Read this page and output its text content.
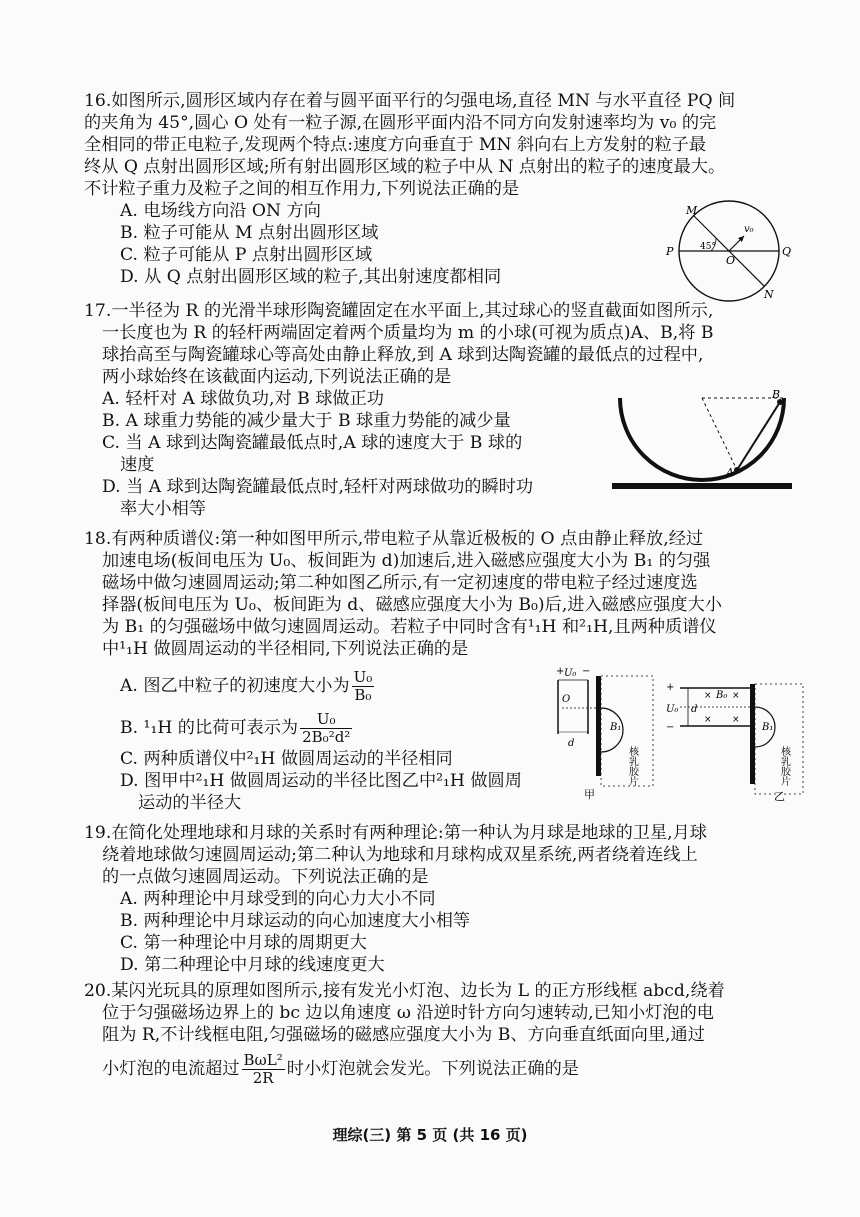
16.如图所示,圆形区域内存在着与圆平面平行的匀强电场,直径 MN 与水平直径 PQ 间

的夹角为 45°,圆心 O 处有一粒子源,在圆形平面内沿不同方向发射速率均为 v₀ 的完

全相同的带正电粒子,发现两个特点:速度方向垂直于 MN 斜向右上方发射的粒子最

终从 Q 点射出圆形区域;所有射出圆形区域的粒子中从 N 点射出的粒子的速度最大。

不计粒子重力及粒子之间的相互作用力,下列说法正确的是

A. 电场线方向沿 ON 方向

B. 粒子可能从 M 点射出圆形区域

C. 粒子可能从 P 点射出圆形区域

D. 从 Q 点射出圆形区域的粒子,其出射速度都相同

M
N
P	Q
O
v₀
45°

17.一半径为 R 的光滑半球形陶瓷罐固定在水平面上,其过球心的竖直截面如图所示,

一长度也为 R 的轻杆两端固定着两个质量均为 m 的小球(可视为质点)A、B,将 B

球抬高至与陶瓷罐球心等高处由静止释放,到 A 球到达陶瓷罐的最低点的过程中,

两小球始终在该截面内运动,下列说法正确的是

A. 轻杆对 A 球做负功,对 B 球做正功

B. A 球重力势能的减少量大于 B 球重力势能的减少量

C. 当 A 球到达陶瓷罐最低点时,A 球的速度大于 B 球的

速度

D. 当 A 球到达陶瓷罐最低点时,轻杆对两球做功的瞬时功

率大小相等

A
B

18.有两种质谱仪:第一种如图甲所示,带电粒子从靠近极板的 O 点由静止释放,经过

加速电场(板间电压为 U₀、板间距为 d)加速后,进入磁感应强度大小为 B₁ 的匀强

磁场中做匀速圆周运动;第二种如图乙所示,有一定初速度的带电粒子经过速度选

择器(板间电压为 U₀、板间距为 d、磁感应强度大小为 B₀)后,进入磁感应强度大小

为 B₁ 的匀强磁场中做匀速圆周运动。若粒子中同时含有¹₁H 和²₁H,且两种质谱仪

中¹₁H 做圆周运动的半径相同,下列说法正确的是

A. 图乙中粒子的初速度大小为 $\frac{\text{U₀}}{\text{B₀}}$

B. ¹₁H 的比荷可表示为 $\frac{\text{U₀}}{\text{2B₀²d²}}$

C. 两种质谱仪中²₁H 做圆周运动的半径相同

D. 图甲中²₁H 做圆周运动的半径比图乙中²₁H 做圆周

运动的半径大

+ U₀ −
O
d
B₁
核乳胶片
甲
+
U₀
−
d
× B₀ ×
× ×
B₁
核乳胶片
乙

19.在简化处理地球和月球的关系时有两种理论:第一种认为月球是地球的卫星,月球

绕着地球做匀速圆周运动;第二种认为地球和月球构成双星系统,两者绕着连线上

的一点做匀速圆周运动。下列说法正确的是

A. 两种理论中月球受到的向心力大小不同

B. 两种理论中月球运动的向心加速度大小相等

C. 第一种理论中月球的周期更大

D. 第二种理论中月球的线速度更大

20.某闪光玩具的原理如图所示,接有发光小灯泡、边长为 L 的正方形线框 abcd,绕着

位于匀强磁场边界上的 bc 边以角速度 ω 沿逆时针方向匀速转动,已知小灯泡的电

阻为 R,不计线框电阻,匀强磁场的磁感应强度大小为 B、方向垂直纸面向里,通过

小灯泡的电流超过 $\frac{\text{BωL²}}{2R}$ 时小灯泡就会发光。下列说法正确的是

理综(三) 第 5 页 (共 16 页)
